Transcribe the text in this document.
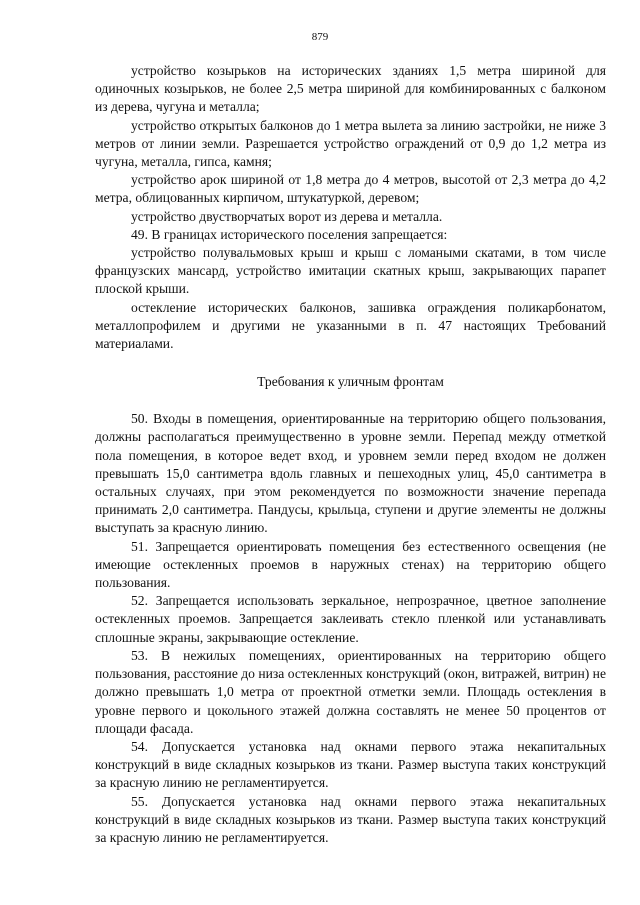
879

устройство козырьков на исторических зданиях 1,5 метра шириной для одиночных козырьков, не более 2,5 метра шириной для комбинированных с балконом из дерева, чугуна и металла;

устройство открытых балконов до 1 метра вылета за линию застройки, не ниже 3 метров от линии земли. Разрешается устройство ограждений от 0,9 до 1,2 метра из чугуна, металла, гипса, камня;

устройство арок шириной от 1,8 метра до 4 метров, высотой от 2,3 метра до 4,2 метра, облицованных кирпичом, штукатуркой, деревом;

устройство двустворчатых ворот из дерева и металла.

49. В границах исторического поселения запрещается:

устройство полувальмовых крыш и крыш с ломаными скатами, в том числе французских мансард, устройство имитации скатных крыш, закрывающих парапет плоской крыши.

остекление исторических балконов, зашивка ограждения поликарбонатом, металлопрофилем и другими не указанными в п. 47 настоящих Требований материалами.

Требования к уличным фронтам

50. Входы в помещения, ориентированные на территорию общего пользования, должны располагаться преимущественно в уровне земли. Перепад между отметкой пола помещения, в которое ведет вход, и уровнем земли перед входом не должен превышать 15,0 сантиметра вдоль главных и пешеходных улиц, 45,0 сантиметра в остальных случаях, при этом рекомендуется по возможности значение перепада принимать 2,0 сантиметра. Пандусы, крыльца, ступени и другие элементы не должны выступать за красную линию.

51. Запрещается ориентировать помещения без естественного освещения (не имеющие остекленных проемов в наружных стенах) на территорию общего пользования.

52. Запрещается использовать зеркальное, непрозрачное, цветное заполнение остекленных проемов. Запрещается заклеивать стекло пленкой или устанавливать сплошные экраны, закрывающие остекление.

53. В нежилых помещениях, ориентированных на территорию общего пользования, расстояние до низа остекленных конструкций (окон, витражей, витрин) не должно превышать 1,0 метра от проектной отметки земли. Площадь остекления в уровне первого и цокольного этажей должна составлять не менее 50 процентов от площади фасада.

54. Допускается установка над окнами первого этажа некапитальных конструкций в виде складных козырьков из ткани. Размер выступа таких конструкций за красную линию не регламентируется.

55. Допускается установка над окнами первого этажа некапитальных конструкций в виде складных козырьков из ткани. Размер выступа таких конструкций за красную линию не регламентируется.
